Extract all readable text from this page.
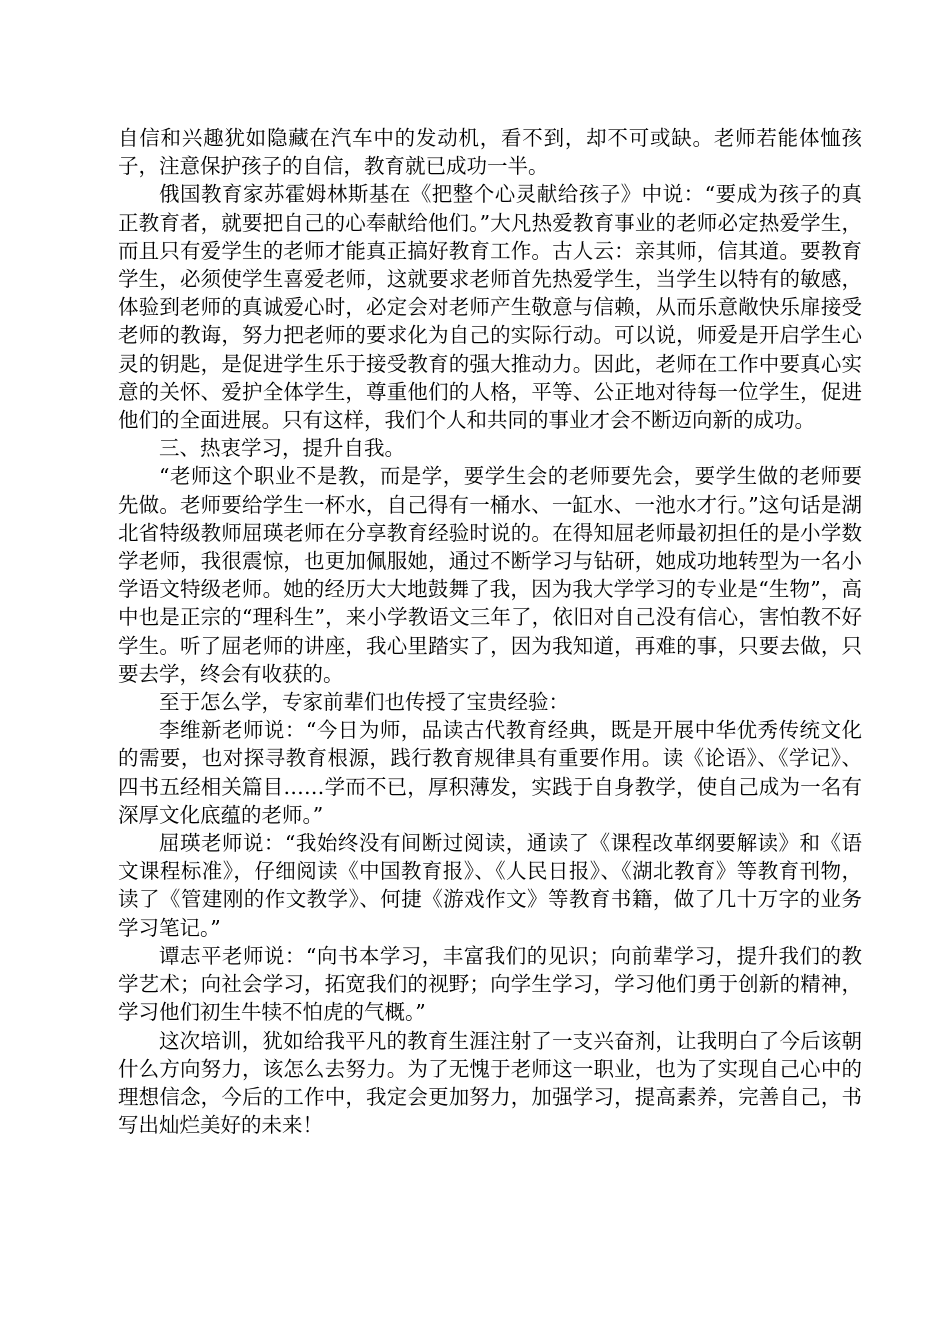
自信和兴趣犹如隐藏在汽车中的发动机，看不到，却不可或缺。老师若能体恤孩子，注意保护孩子的自信，教育就已成功一半。

俄国教育家苏霍姆林斯基在《把整个心灵献给孩子》中说：“要成为孩子的真正教育者，就要把自己的心奉献给他们。”大凡热爱教育事业的老师必定热爱学生，而且只有爱学生的老师才能真正搞好教育工作。古人云：亲其师，信其道。要教育学生，必须使学生喜爱老师，这就要求老师首先热爱学生，当学生以特有的敏感，体验到老师的真诚爱心时，必定会对老师产生敬意与信赖，从而乐意敞快乐扉接受老师的教诲，努力把老师的要求化为自己的实际行动。可以说，师爱是开启学生心灵的钥匙，是促进学生乐于接受教育的强大推动力。因此，老师在工作中要真心实意的关怀、爱护全体学生，尊重他们的人格，平等、公正地对待每一位学生，促进他们的全面进展。只有这样，我们个人和共同的事业才会不断迈向新的成功。

三、热衷学习，提升自我。

“老师这个职业不是教，而是学，要学生会的老师要先会，要学生做的老师要先做。老师要给学生一杯水，自己得有一桶水、一缸水、一池水才行。”这句话是湖北省特级教师屈瑛老师在分享教育经验时说的。在得知屈老师最初担任的是小学数学老师，我很震惊，也更加佩服她，通过不断学习与钻研，她成功地转型为一名小学语文特级老师。她的经历大大地鼓舞了我，因为我大学学习的专业是“生物”，高中也是正宗的“理科生”，来小学教语文三年了，依旧对自己没有信心，害怕教不好学生。听了屈老师的讲座，我心里踏实了，因为我知道，再难的事，只要去做，只要去学，终会有收获的。

至于怎么学，专家前辈们也传授了宝贵经验：

李维新老师说：“今日为师，品读古代教育经典，既是开展中华优秀传统文化的需要，也对探寻教育根源，践行教育规律具有重要作用。读《论语》、《学记》、四书五经相关篇目……学而不已，厚积薄发，实践于自身教学，使自己成为一名有深厚文化底蕴的老师。”

屈瑛老师说：“我始终没有间断过阅读，通读了《课程改革纲要解读》和《语文课程标准》，仔细阅读《中国教育报》、《人民日报》、《湖北教育》等教育刊物，读了《管建刚的作文教学》、何捷《游戏作文》等教育书籍，做了几十万字的业务学习笔记。”

谭志平老师说：“向书本学习，丰富我们的见识；向前辈学习，提升我们的教学艺术；向社会学习，拓宽我们的视野；向学生学习，学习他们勇于创新的精神，学习他们初生牛犊不怕虎的气概。”

这次培训，犹如给我平凡的教育生涯注射了一支兴奋剂，让我明白了今后该朝什么方向努力，该怎么去努力。为了无愧于老师这一职业，也为了实现自己心中的理想信念，今后的工作中，我定会更加努力，加强学习，提高素养，完善自己，书写出灿烂美好的未来！
